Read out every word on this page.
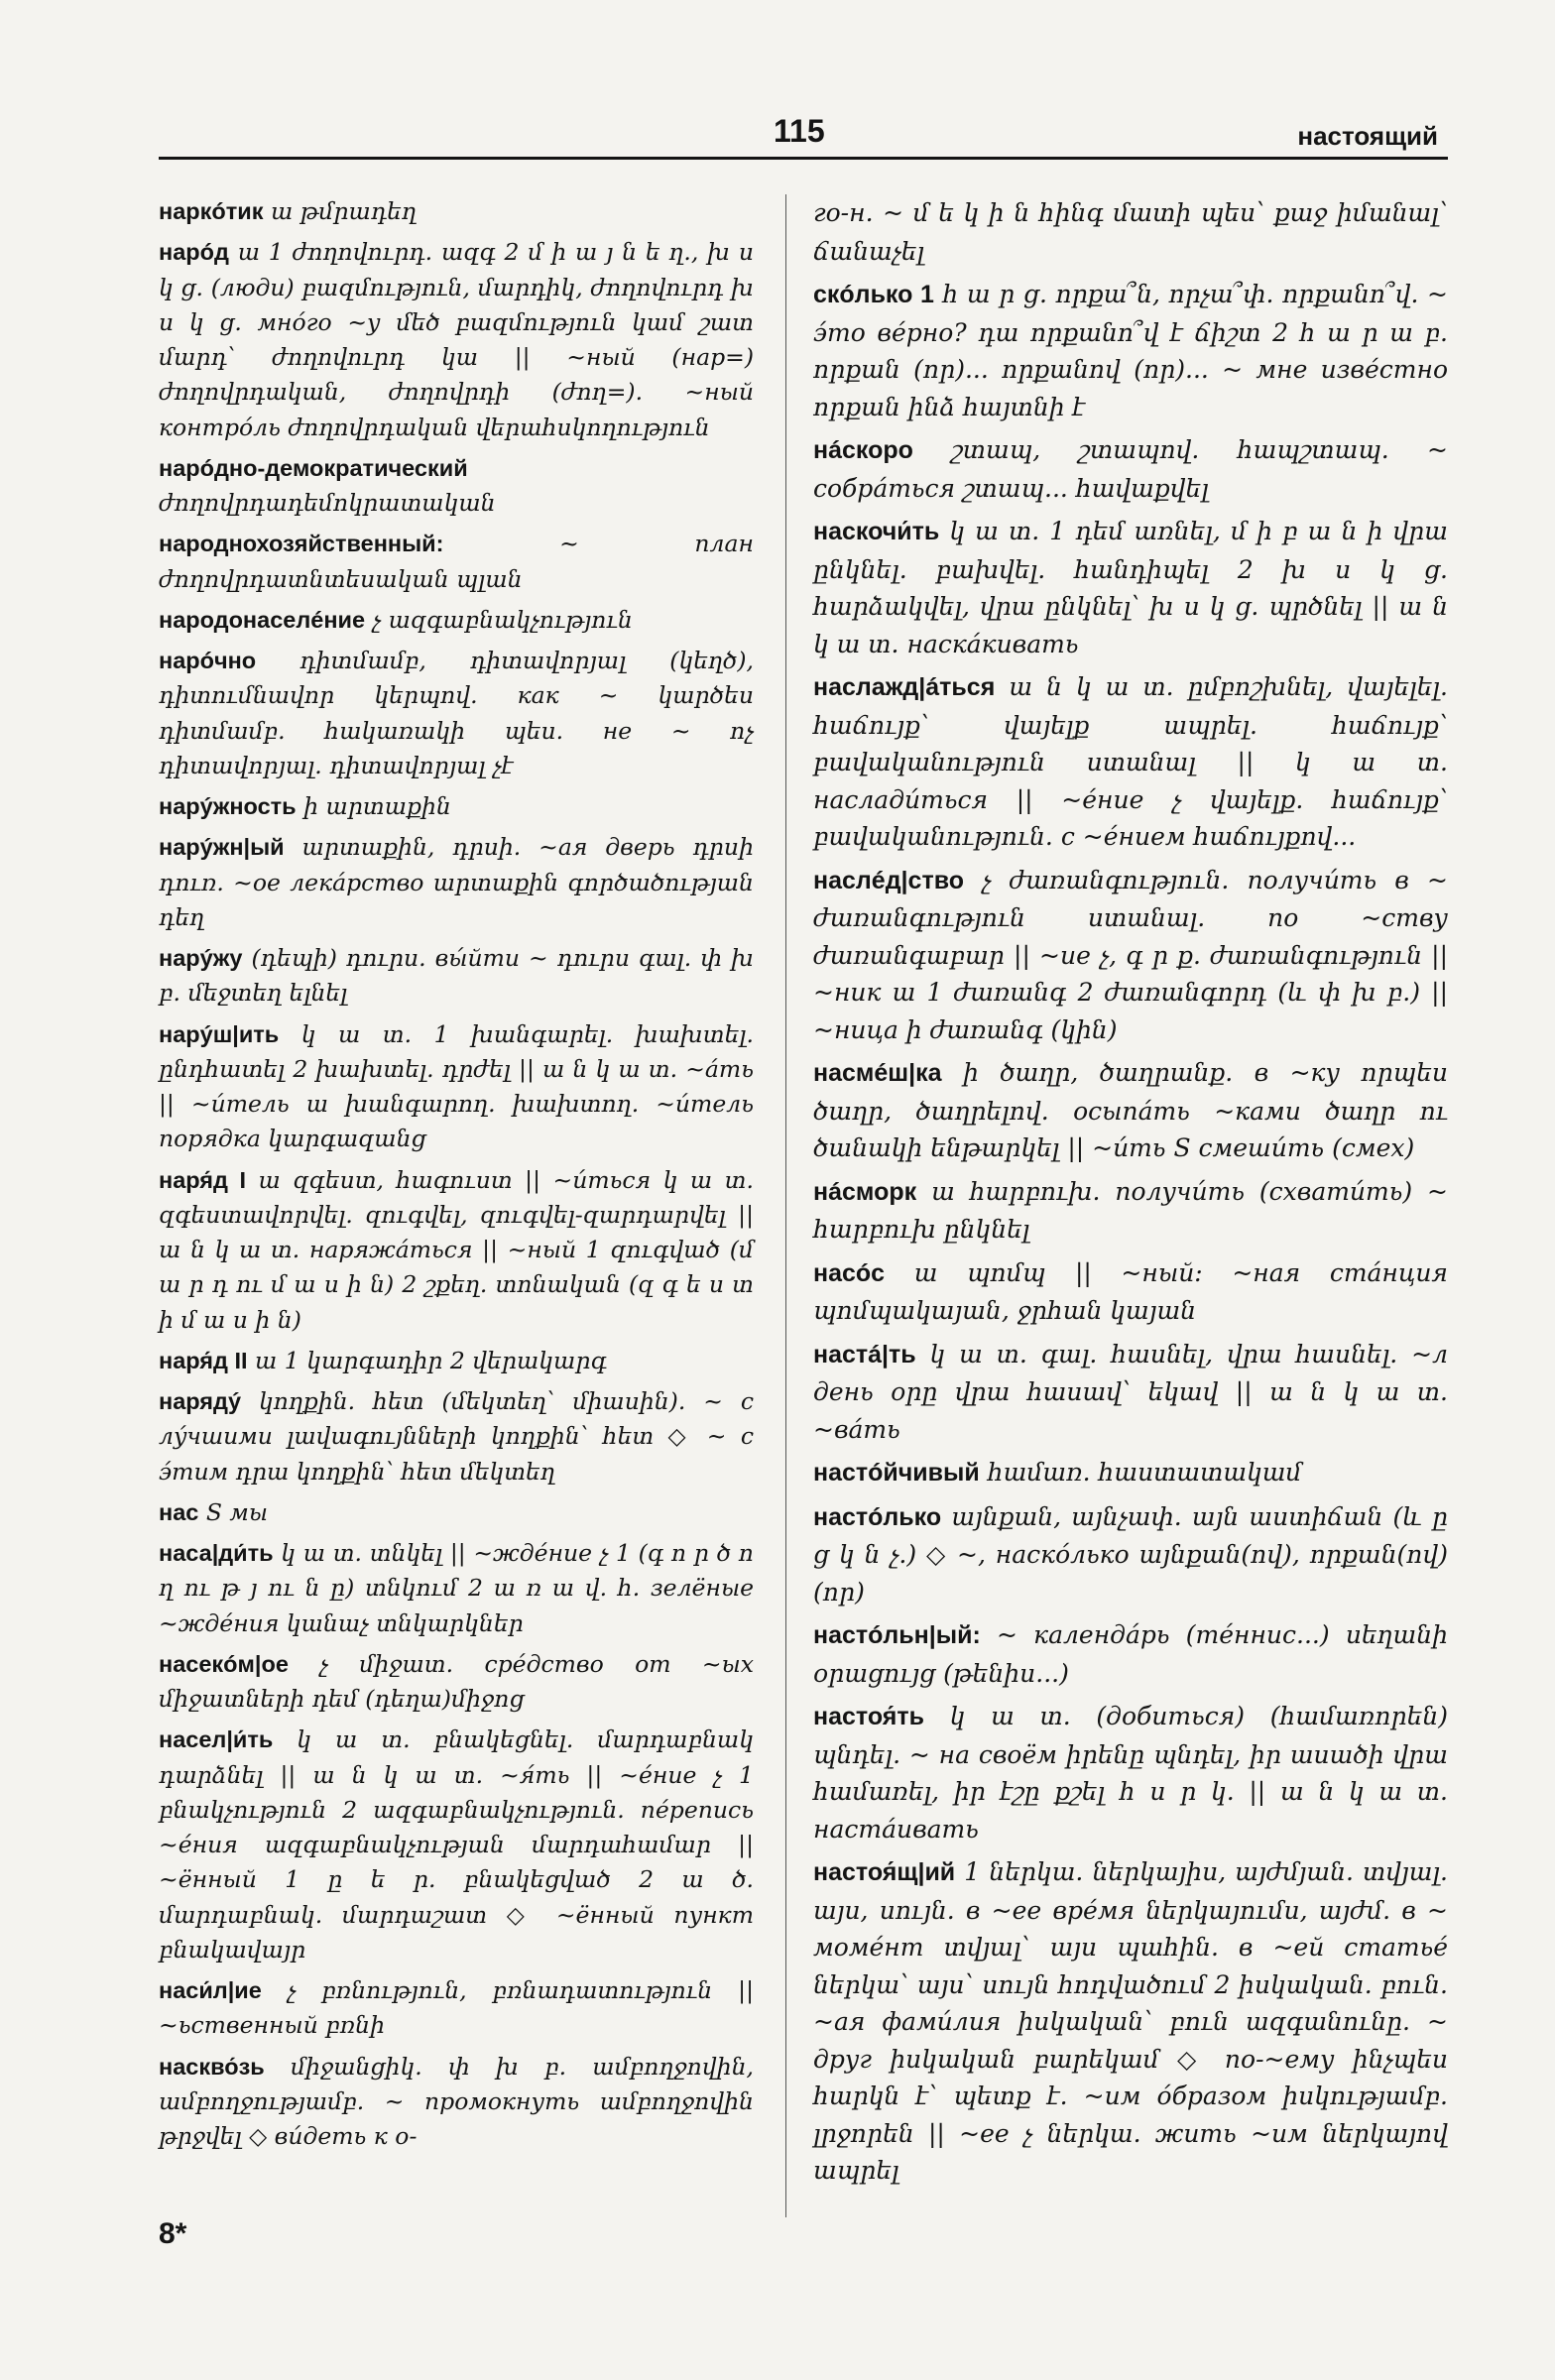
115	настоящий

наркóтик ա թմրադեղ

нарóд ա 1 ժողովուրդ. ազգ 2 մ ի ա յ ն ե ղ., խ ս կ ց. (люди) բազմություն, մարդիկ, ժողովուրդ խ ս կ ց. мнóго ~у մեծ բազմություն կամ շատ մարդ՝ ժողովուրդ կա || ~ный (нар=) ժողովրդական, ժողովրդի (ժող=). ~ный контрóль ժողովրդական վերահսկողություն

нарóдно-демократический ժողովրդադեմոկրատական

народнохозяйственный:	~ план ժողովրդատնտեսական պլան

народонаселéние չ ազգաբնակչություն

нарóчно դիտմամբ, դիտավորյալ (կեղծ), դիտումնավոր կերպով. как ~ կարծես դիտմամբ. հակառակի պես. не ~ ոչ դիտավորյալ. դիտավորյալ չէ

нарýжность ի արտաքին

нарýжн|ый արտաքին, դրսի. ~ая дверь դրսի դուռ. ~ое лекáрство արտաքին գործածության դեղ

нарýжу (դեպի) դուրս. вы́йти ~ դուրս գալ. փ խ բ. մեջտեղ ելնել

нарýш|ить կ ա տ. 1 խանգարել. խախտել. ընդհատել 2 խախտել. դրժել || ա ն կ ա տ. ~áть || ~и́тель ա խանգարող. խախտող. ~и́тель порядка կարգազանց

наря́д I ա զգեստ, հագուստ || ~и́ться կ ա տ. զգեստավորվել. զուգվել, զուգվել-զարդարվել || ա ն կ ա տ. наряжáться || ~ный 1 զուգված (մ ա ր դ ու մ ա ս ի ն) 2 շքեղ. տոնական (զ գ ե ս տ ի մ ա ս ի ն)

наря́д II ա 1 կարգադիր 2 վերակարգ

нарядý կողքին. հետ (մեկտեղ՝ միասին). ~ с лýчшими լավագույնների կողքին՝ հետ ◇ ~ с э́тим դրա կողքին՝ հետ մեկտեղ

нас S мы

наса|ди́ть կ ա տ. տնկել || ~ждéние չ 1 (գ ո ր ծ ո ղ ու թ յ ու ն ը) տնկում 2 ա ռ ա վ. հ. зелёные ~ждéния կանաչ տնկարկներ

насекóм|ое չ միջատ. срéдство от ~ых միջատների դեմ (դեղա)միջոց

насел|и́ть կ ա տ. բնակեցնել. մարդաբնակ դարձնել || ա ն կ ա տ. ~я́ть || ~éние չ 1 բնակչություն 2 ազգաբնակչություն. пéрепись ~éния ազգաբնակչության մարդահամար || ~ённый 1 ը ե ր. բնակեցված 2 ա ծ. մարդաբնակ. մարդաշատ ◇ ~ённый пункт բնակավայր

наси́л|ие չ բռնություն, բռնադատություն || ~ьственный բռնի

наскво́зь միջանցիկ. փ խ բ. ամբողջովին, ամբողջությամբ. ~ промокнуть ամբողջովին թրջվել ◇ ви́деть к о-

го-н. ~ մ ե կ ի ն հինգ մատի պես՝ քաջ իմանալ՝ ճանաչել

скóлько 1 հ ա ր ց. որքա՞ն, որչա՞փ. որքանո՞վ. ~ э́то вéрно? դա որքանո՞վ է ճիշտ 2 հ ա ր ա բ. որքան (որ)... որքանով (որ)... ~ мне извéстно որքան ինձ հայտնի է

нáскоро շտապ, շտապով. հապշտապ. ~ собрáться շտապ... հավաքվել

наскочи́ть կ ա տ. 1 դեմ առնել, մ ի բ ա ն ի վրա ընկնել. բախվել. հանդիպել 2 խ ս կ ց. հարձակվել, վրա ընկնել՝ խ ս կ ց. պրծնել || ա ն կ ա տ. наскáкивать

наслажд|áться ա ն կ ա տ. ըմբոշխնել, վայելել. հաճույք՝ վայելք ապրել. հաճույք՝ բավականություն ստանալ || կ ա տ. наслади́ться || ~éние չ վայելք. հաճույք՝ բավականություն. с ~éнием հաճույքով...

наслéд|ство չ ժառանգություն. получи́ть в ~ ժառանգություն ստանալ. по ~ству ժառանգաբար || ~ие չ, գ ր ք. ժառանգություն || ~ник ա 1 ժառանգ 2 ժառանգորդ (և փ խ բ.) || ~ница ի ժառանգ (կին)

насмéш|ка ի ծաղր, ծաղրանք. в ~ку որպես ծաղր, ծաղրելով. осыпáть ~ками ծաղր ու ծանակի ենթարկել || ~и́ть S смеши́ть (смех)

нáсморк ա հարբուխ. получи́ть (схвати́ть) ~ հարբուխ ընկնել

насóс ա պոմպ || ~ный: ~ная стáнция պոմպակայան, ջրհան կայան

настá|ть կ ա տ. գալ. հասնել, վրա հասնել. ~л день օրը վրա հասավ՝ եկավ || ա ն կ ա տ. ~вáть

настóйчивый համառ. հաստատակամ

настóлько այնքան, այնչափ. այն աստիճան (և ը ց կ ն չ.) ◇ ~, наскóлько այնքան(ով), որքան(ով) (որ)

настóльн|ый: ~ календáрь (тéннис...) սեղանի օրացույց (թենիս...)

настоя́ть կ ա տ. (добиться) (համառորեն) պնդել. ~ на своём իրենը պնդել, իր ասածի վրա համառել, իր էշը քշել հ ս ր կ. || ա ն կ ա տ. настáивать

настоя́щ|ий 1 ներկա. ներկայիս, այժմյան. տվյալ. այս, սույն. в ~ее врéмя ներկայումս, այժմ. в ~ момéнт տվյալ՝ այս պահին. в ~ей статьé ներկա՝ այս՝ սույն հոդվածում 2 իսկական. բուն. ~ая фами́лия իսկական՝ բուն ազգանունը. ~ друг իսկական բարեկամ ◇ по-~ему ինչպես հարկն է՝ պետք է. ~им óбразом իսկությամբ. լրջորեն || ~ее չ ներկա. жить ~им ներկայով ապրել

8*
